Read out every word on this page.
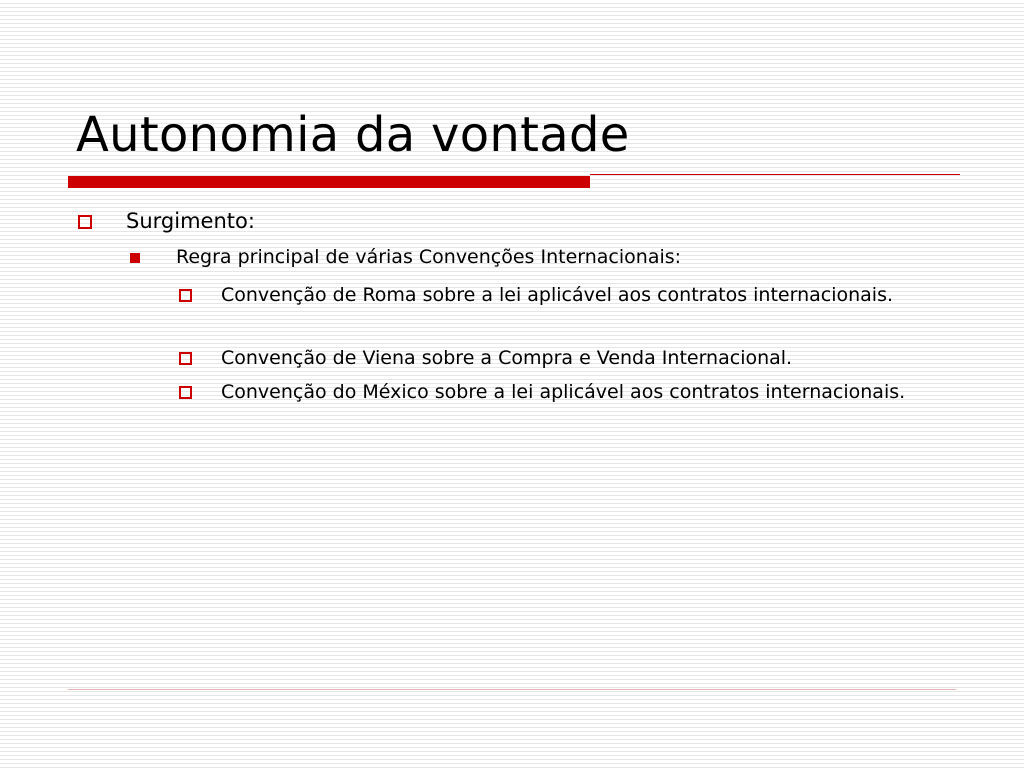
Autonomia da vontade
Surgimento:
Regra principal de várias Convenções Internacionais:
Convenção de Roma sobre a lei aplicável aos contratos internacionais.
Convenção de Viena sobre a Compra e Venda Internacional.
Convenção do México sobre a lei aplicável aos contratos internacionais.
